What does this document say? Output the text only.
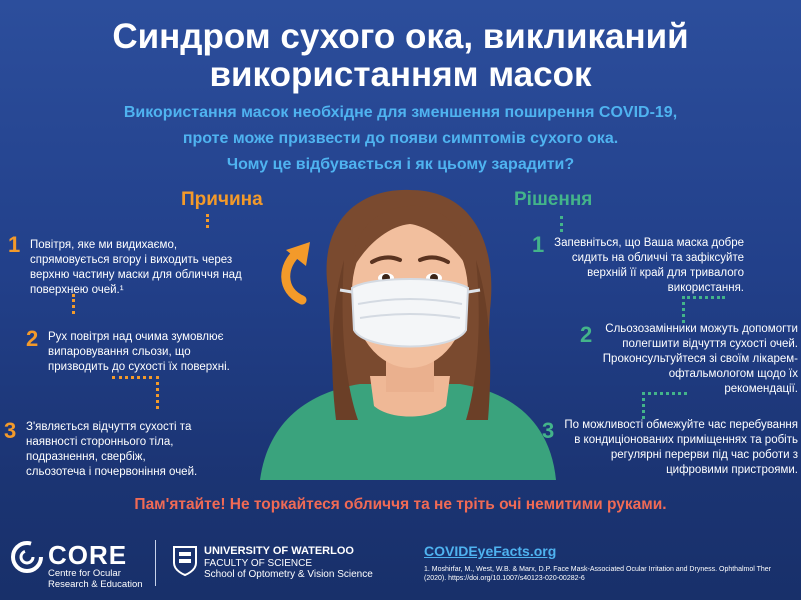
Синдром сухого ока, викликаний
використанням масок
Використання масок необхідне для зменшення поширення COVID-19,
проте може призвести до появи симптомів сухого ока.
Чому це відбувається і як цьому зарадити?
Причина	Рішення
1 Повітря, яке ми видихаємо,
спрямовується вгору і виходить через
верхню частину маски для обличчя над
поверхнею очей.¹
2 Рух повітря над очима зумовлює
випаровування сльози, що
призводить до сухості їх поверхні.
3 З'являється відчуття сухості та
наявності стороннього тіла,
подразнення, свербіж,
сльозотеча і почервоніння очей.
1 Запевніться, що Ваша маска добре
сидить на обличчі та зафіксуйте
верхній її край для тривалого
використання.
2	Сльозозамінники можуть допомогти
полегшити відчуття сухості очей.
Проконсультуйтеся зі своїм лікарем-
офтальмологом щодо їх рекомендації.
3 По можливості обмежуйте час перебування
в кондиціонованих приміщеннях та робіть
регулярні перерви під час роботи з
цифровими пристроями.
Пам'ятайте! Не торкайтеся обличчя та не тріть очі немитими руками.
CORE
Centre for Ocular
Research & Education
UNIVERSITY OF WATERLOO
FACULTY OF SCIENCE
School of Optometry & Vision Science
COVIDEyeFacts.org
1. Moshirfar, M., West, W.B. & Marx, D.P. Face Mask-Associated Ocular Irritation and Dryness. Ophthalmol Ther
(2020). https://doi.org/10.1007/s40123-020-00282-6
